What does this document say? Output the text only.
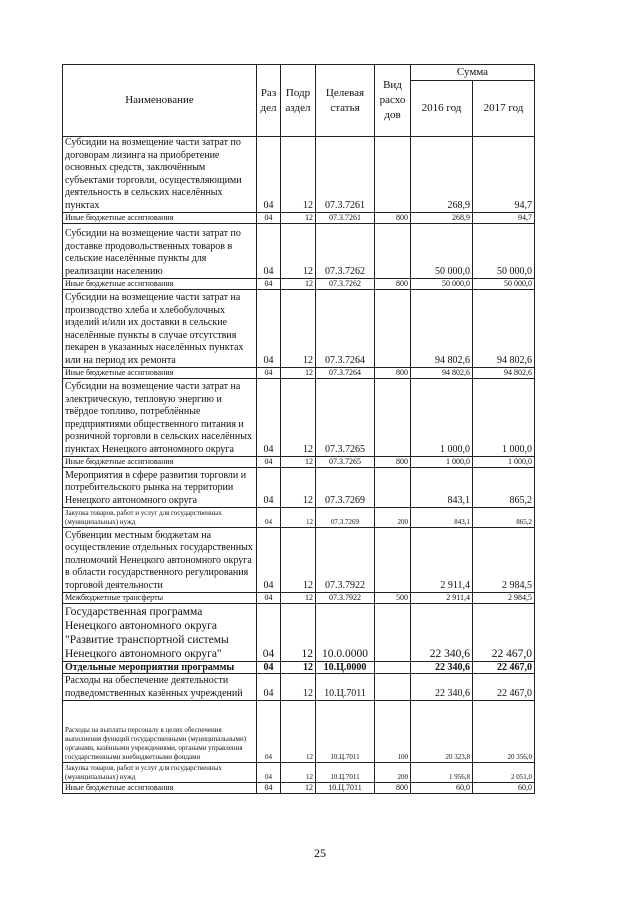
Наименование	Раз дел	Подр аздел	Целевая статья	Вид расхо дов	Сумма	
					2016 год	2017 год
Субсидии на возмещение части затрат по договорам лизинга на приобретение основных средств, заключённым субъектами торговли, осуществляющими деятельность в сельских населённых пунктах	04	12	07.3.7261		268,9	94,7
Иные бюджетные ассигнования	04	12	07.3.7261	800	268,9	94,7
Субсидии на возмещение части затрат по доставке продовольственных товаров в сельские населённые пункты для реализации населению	04	12	07.3.7262		50 000,0	50 000,0
Иные бюджетные ассигнования	04	12	07.3.7262	800	50 000,0	50 000,0
Субсидии на возмещение части затрат на производство хлеба и хлебобулочных изделий и/или их доставки в сельские населённые пункты в случае отсутствия пекарен в указанных населённых пунктах или на период их ремонта	04	12	07.3.7264		94 802,6	94 802,6
Иные бюджетные ассигнования	04	12	07.3.7264	800	94 802,6	94 802,6
Субсидии на возмещение части затрат на электрическую, тепловую энергию и твёрдое топливо, потреблённые предприятиями общественного питания и розничной торговли в сельских населённых пунктах Ненецкого автономного округа	04	12	07.3.7265		1 000,0	1 000,0
Иные бюджетные ассигнования	04	12	07.3.7265	800	1 000,0	1 000,0
Мероприятия в сфере развития торговли и потребительского рынка на территории Ненецкого автономного округа	04	12	07.3.7269		843,1	865,2
Закупка товаров, работ и услуг для государственных (муниципальных) нужд	04	12	07.3.7269	200	843,1	865,2
Субвенции местным бюджетам на осуществление отдельных государственных полномочий Ненецкого автономного округа в области государственного регулирования торговой деятельности	04	12	07.3.7922		2 911,4	2 984,5
Межбюджетные трансферты	04	12	07.3.7922	500	2 911,4	2 984,5
Государственная программа Ненецкого автономного округа "Развитие транспортной системы Ненецкого автономного округа"	04	12	10.0.0000		22 340,6	22 467,0
Отдельные мероприятия программы	04	12	10.Ц.0000		22 340,6	22 467,0
Расходы на обеспечение деятельности подведомственных казённых учреждений	04	12	10.Ц.7011		22 340,6	22 467,0
Расходы на выплаты персоналу в целях обеспечения выполнения функций государственными (муниципальными) органами, казёнными учреждениями, органами управления государственными внебюджетными фондами	04	12	10.Ц.7011	100	20 323,8	20 356,0
Закупка товаров, работ и услуг для государственных (муниципальных) нужд	04	12	10.Ц.7011	200	1 956,8	2 051,0
Иные бюджетные ассигнования	04	12	10.Ц.7011	800	60,0	60,0
25
